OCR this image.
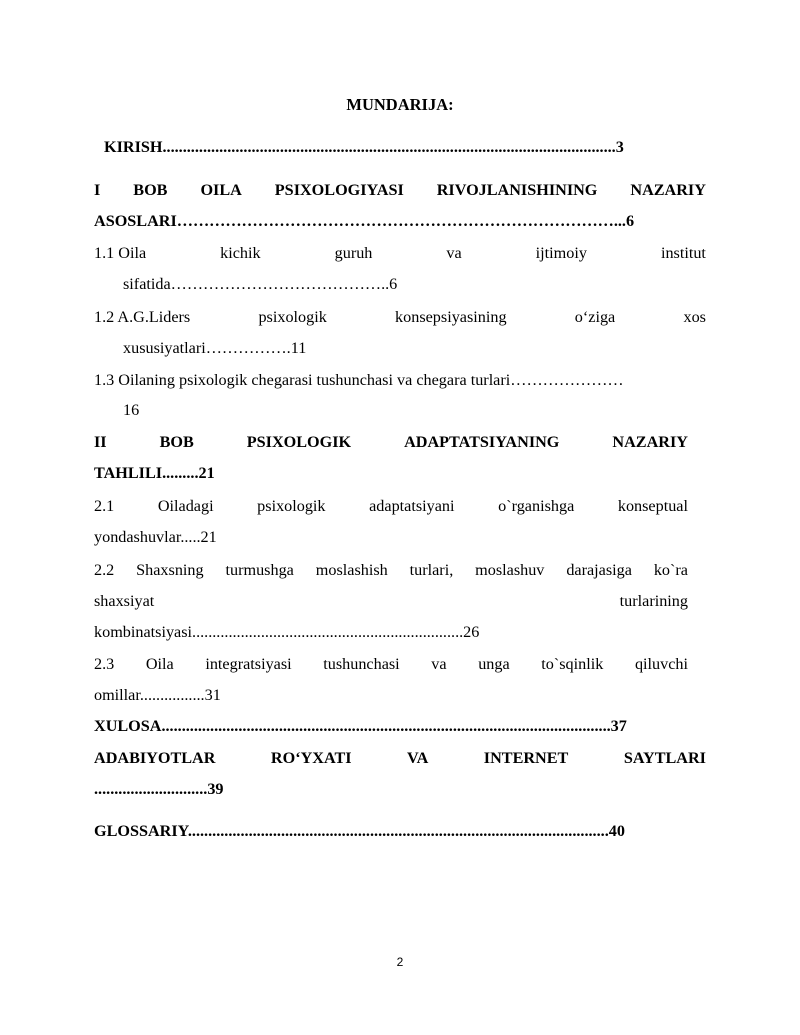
MUNDARIJA:
KIRISH................................................................................................................3
I BOB OILA PSIXOLOGIYASI RIVOJLANISHINING NAZARIY
ASOSLARI………………………………………………………………………...6
1.1 Oila	kichik	guruh	va	ijtimoiy	institut
sifatida…………………………………..6
1.2 A.G.Liders	psixologik	konsepsiyasining	o‘ziga	xos
xususiyatlari…………….11
1.3 Oilaning psixologik chegarasi tushunchasi va chegara turlari…………………
16
II	BOB	PSIXOLOGIK	ADAPTATSIYANING	NAZARIY
TAHLILI.........21
2.1	Oiladagi	psixologik	adaptatsiyani	o`rganishga	konseptual
yondashuvlar.....21
2.2 Shaxsning turmushga moslashish turlari, moslashuv darajasiga ko`ra
shaxsiyat	turlarining
kombinatsiyasi...................................................................26
2.3 Oila integratsiyasi tushunchasi va unga to`sqinlik qiluvchi
omillar................31
XULOSA...............................................................................................................37
ADABIYOTLAR	RO‘YXATI	VA	INTERNET	SAYTLARI
............................39
GLOSSARIY........................................................................................................40
2
